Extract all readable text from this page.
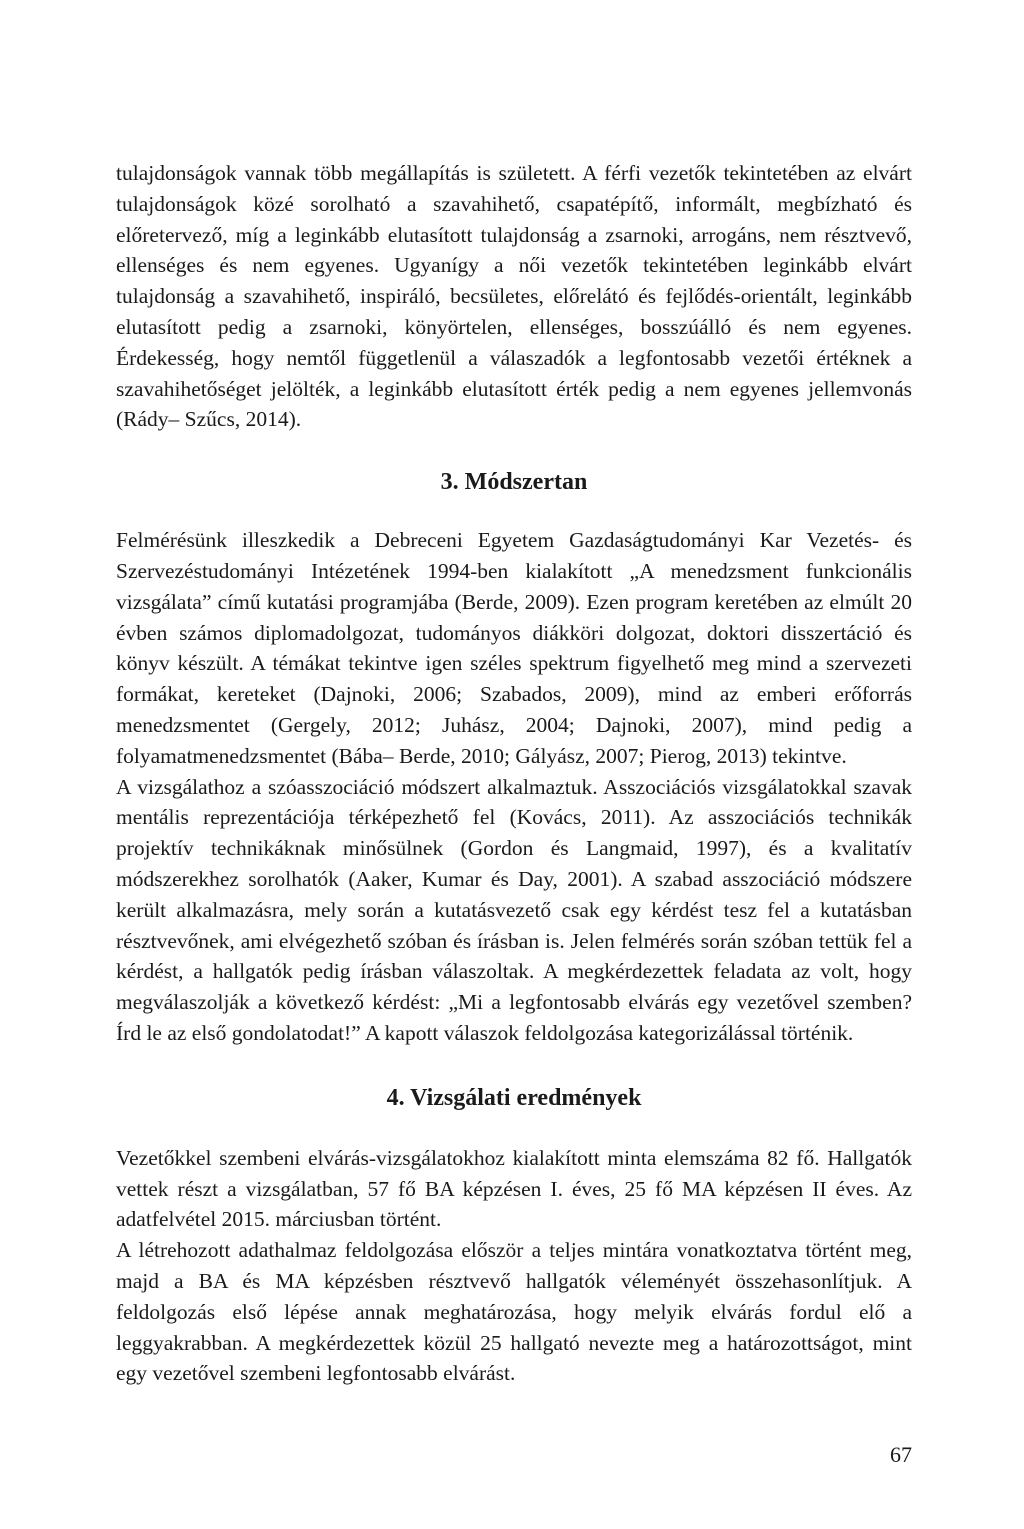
tulajdonságok vannak több megállapítás is született. A férfi vezetők tekintetében az elvárt tulajdonságok közé sorolható a szavahihető, csapatépítő, informált, megbízható és előretervező, míg a leginkább elutasított tulajdonság a zsarnoki, arrogáns, nem résztvevő, ellenséges és nem egyenes. Ugyanígy a női vezetők tekintetében leginkább elvárt tulajdonság a szavahihető, inspiráló, becsületes, előrelátó és fejlődés-orientált, leginkább elutasított pedig a zsarnoki, könyörtelen, ellenséges, bosszúálló és nem egyenes. Érdekesség, hogy nemtől függetlenül a válaszadók a legfontosabb vezetői értéknek a szavahihetőséget jelölték, a leginkább elutasított érték pedig a nem egyenes jellemvonás (Rády– Szűcs, 2014).

3. Módszertan

Felmérésünk illeszkedik a Debreceni Egyetem Gazdaságtudományi Kar Vezetés- és Szervezéstudományi Intézetének 1994-ben kialakított „A menedzsment funkcionális vizsgálata” című kutatási programjába (Berde, 2009). Ezen program keretében az elmúlt 20 évben számos diplomadolgozat, tudományos diákköri dolgozat, doktori disszertáció és könyv készült. A témákat tekintve igen széles spektrum figyelhető meg mind a szervezeti formákat, kereteket (Dajnoki, 2006; Szabados, 2009), mind az emberi erőforrás menedzsmentet (Gergely, 2012; Juhász, 2004; Dajnoki, 2007), mind pedig a folyamatmenedzsmentet (Bába– Berde, 2010; Gályász, 2007; Pierog, 2013) tekintve.

A vizsgálathoz a szóasszociáció módszert alkalmaztuk. Asszociációs vizsgálatokkal szavak mentális reprezentációja térképezhető fel (Kovács, 2011). Az asszociációs technikák projektív technikáknak minősülnek (Gordon és Langmaid, 1997), és a kvalitatív módszerekhez sorolhatók (Aaker, Kumar és Day, 2001). A szabad asszociáció módszere került alkalmazásra, mely során a kutatásvezető csak egy kérdést tesz fel a kutatásban résztvevőnek, ami elvégezhető szóban és írásban is. Jelen felmérés során szóban tettük fel a kérdést, a hallgatók pedig írásban válaszoltak. A megkérdezettek feladata az volt, hogy megválaszolják a következő kérdést: „Mi a legfontosabb elvárás egy vezetővel szemben? Írd le az első gondolatodat!” A kapott válaszok feldolgozása kategorizálással történik.

4. Vizsgálati eredmények

Vezetőkkel szembeni elvárás-vizsgálatokhoz kialakított minta elemszáma 82 fő. Hallgatók vettek részt a vizsgálatban, 57 fő BA képzésen I. éves, 25 fő MA képzésen II éves. Az adatfelvétel 2015. márciusban történt.

A létrehozott adathalmaz feldolgozása először a teljes mintára vonatkoztatva történt meg, majd a BA és MA képzésben résztvevő hallgatók véleményét összehasonlítjuk. A feldolgozás első lépése annak meghatározása, hogy melyik elvárás fordul elő a leggyakrabban. A megkérdezettek közül 25 hallgató nevezte meg a határozottságot, mint egy vezetővel szembeni legfontosabb elvárást.

67
